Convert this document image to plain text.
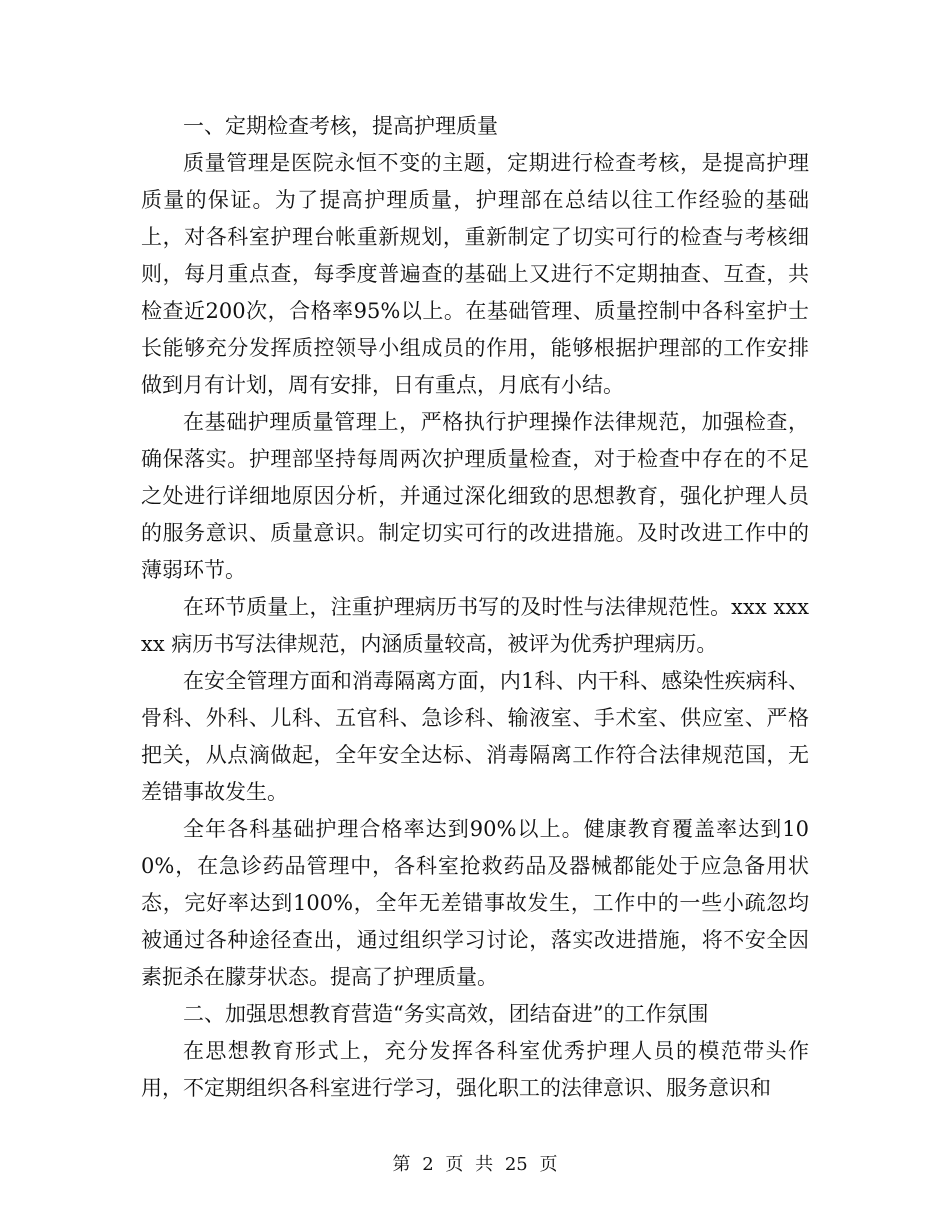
一、定期检查考核，提高护理质量

质量管理是医院永恒不变的主题，定期进行检查考核，是提高护理质量的保证。为了提高护理质量，护理部在总结以往工作经验的基础上，对各科室护理台帐重新规划，重新制定了切实可行的检查与考核细则，每月重点查，每季度普遍查的基础上又进行不定期抽查、互查，共检查近200次，合格率95%以上。在基础管理、质量控制中各科室护士长能够充分发挥质控领导小组成员的作用，能够根据护理部的工作安排做到月有计划，周有安排，日有重点，月底有小结。

在基础护理质量管理上，严格执行护理操作法律规范，加强检查，确保落实。护理部坚持每周两次护理质量检查，对于检查中存在的不足之处进行详细地原因分析，并通过深化细致的思想教育，强化护理人员的服务意识、质量意识。制定切实可行的改进措施。及时改进工作中的薄弱环节。

在环节质量上，注重护理病历书写的及时性与法律规范性。xxx xxx xx 病历书写法律规范，内涵质量较高，被评为优秀护理病历。

在安全管理方面和消毒隔离方面，内1科、内干科、感染性疾病科、骨科、外科、儿科、五官科、急诊科、输液室、手术室、供应室、严格把关，从点滴做起，全年安全达标、消毒隔离工作符合法律规范国，无差错事故发生。

全年各科基础护理合格率达到90%以上。健康教育覆盖率达到100%，在急诊药品管理中，各科室抢救药品及器械都能处于应急备用状态，完好率达到100%，全年无差错事故发生，工作中的一些小疏忽均被通过各种途径查出，通过组织学习讨论，落实改进措施，将不安全因素扼杀在朦芽状态。提高了护理质量。

二、加强思想教育营造“务实高效，团结奋进”的工作氛围

在思想教育形式上，充分发挥各科室优秀护理人员的模范带头作用，不定期组织各科室进行学习，强化职工的法律意识、服务意识和

第 2 页 共 25 页
